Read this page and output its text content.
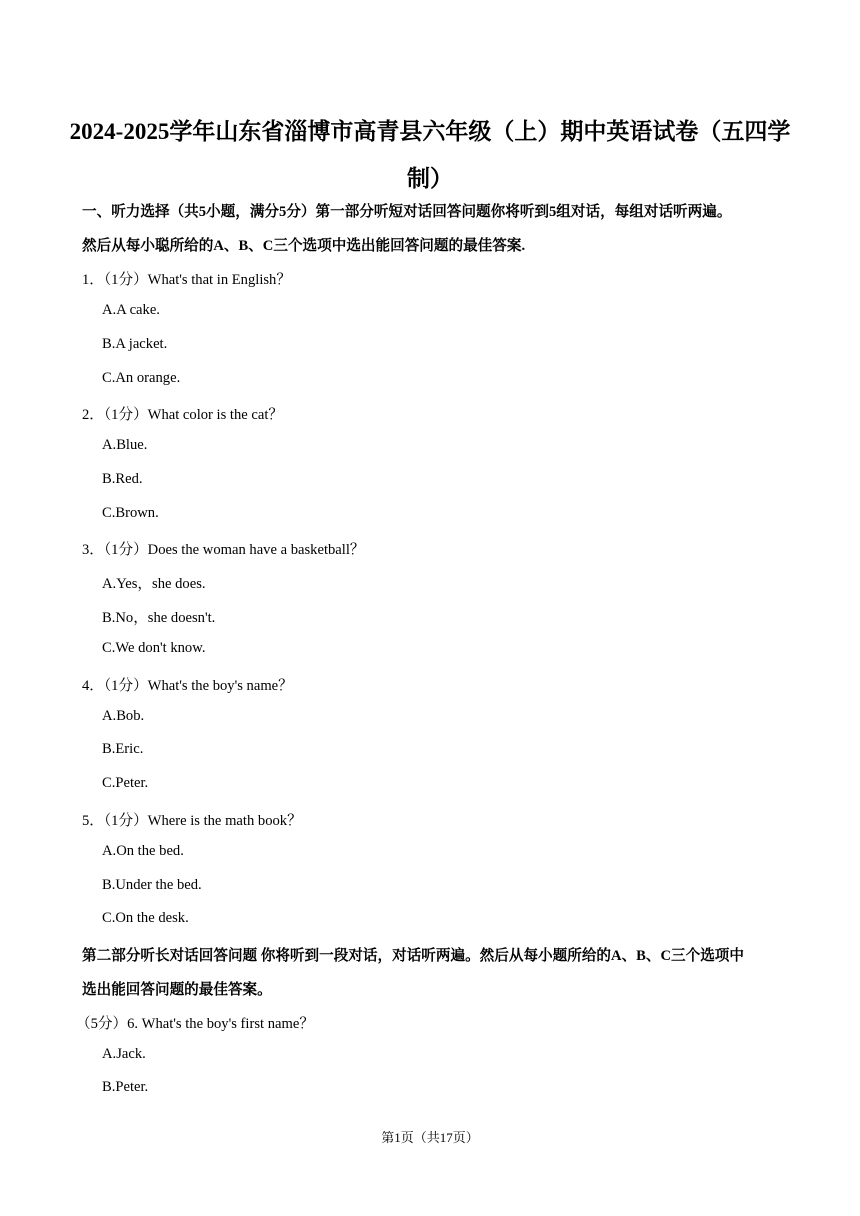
2024-2025学年山东省淄博市高青县六年级（上）期中英语试卷（五四学
制）
一、听力选择（共5小题，满分5分）第一部分听短对话回答问题你将听到5组对话，每组对话听两遍。
然后从每小聪所给的A、B、C三个选项中选出能回答问题的最佳答案.
1．（1分）What's that in English？
A.A cake.
B.A jacket.
C.An orange.
2．（1分）What color is the cat？
A.Blue.
B.Red.
C.Brown.
3．（1分）Does the woman have a basketball？
A.Yes，she does.
B.No，she doesn't.
C.We don't know.
4．（1分）What's the boy's name？
A.Bob.
B.Eric.
C.Peter.
5．（1分）Where is the math book？
A.On the bed.
B.Under the bed.
C.On the desk.
第二部分听长对话回答问题 你将听到一段对话，对话听两遍。然后从每小题所给的A、B、C三个选项中
选出能回答问题的最佳答案。
（5分）6. What's the boy's first name？
A.Jack.
B.Peter.
第1页（共17页）
